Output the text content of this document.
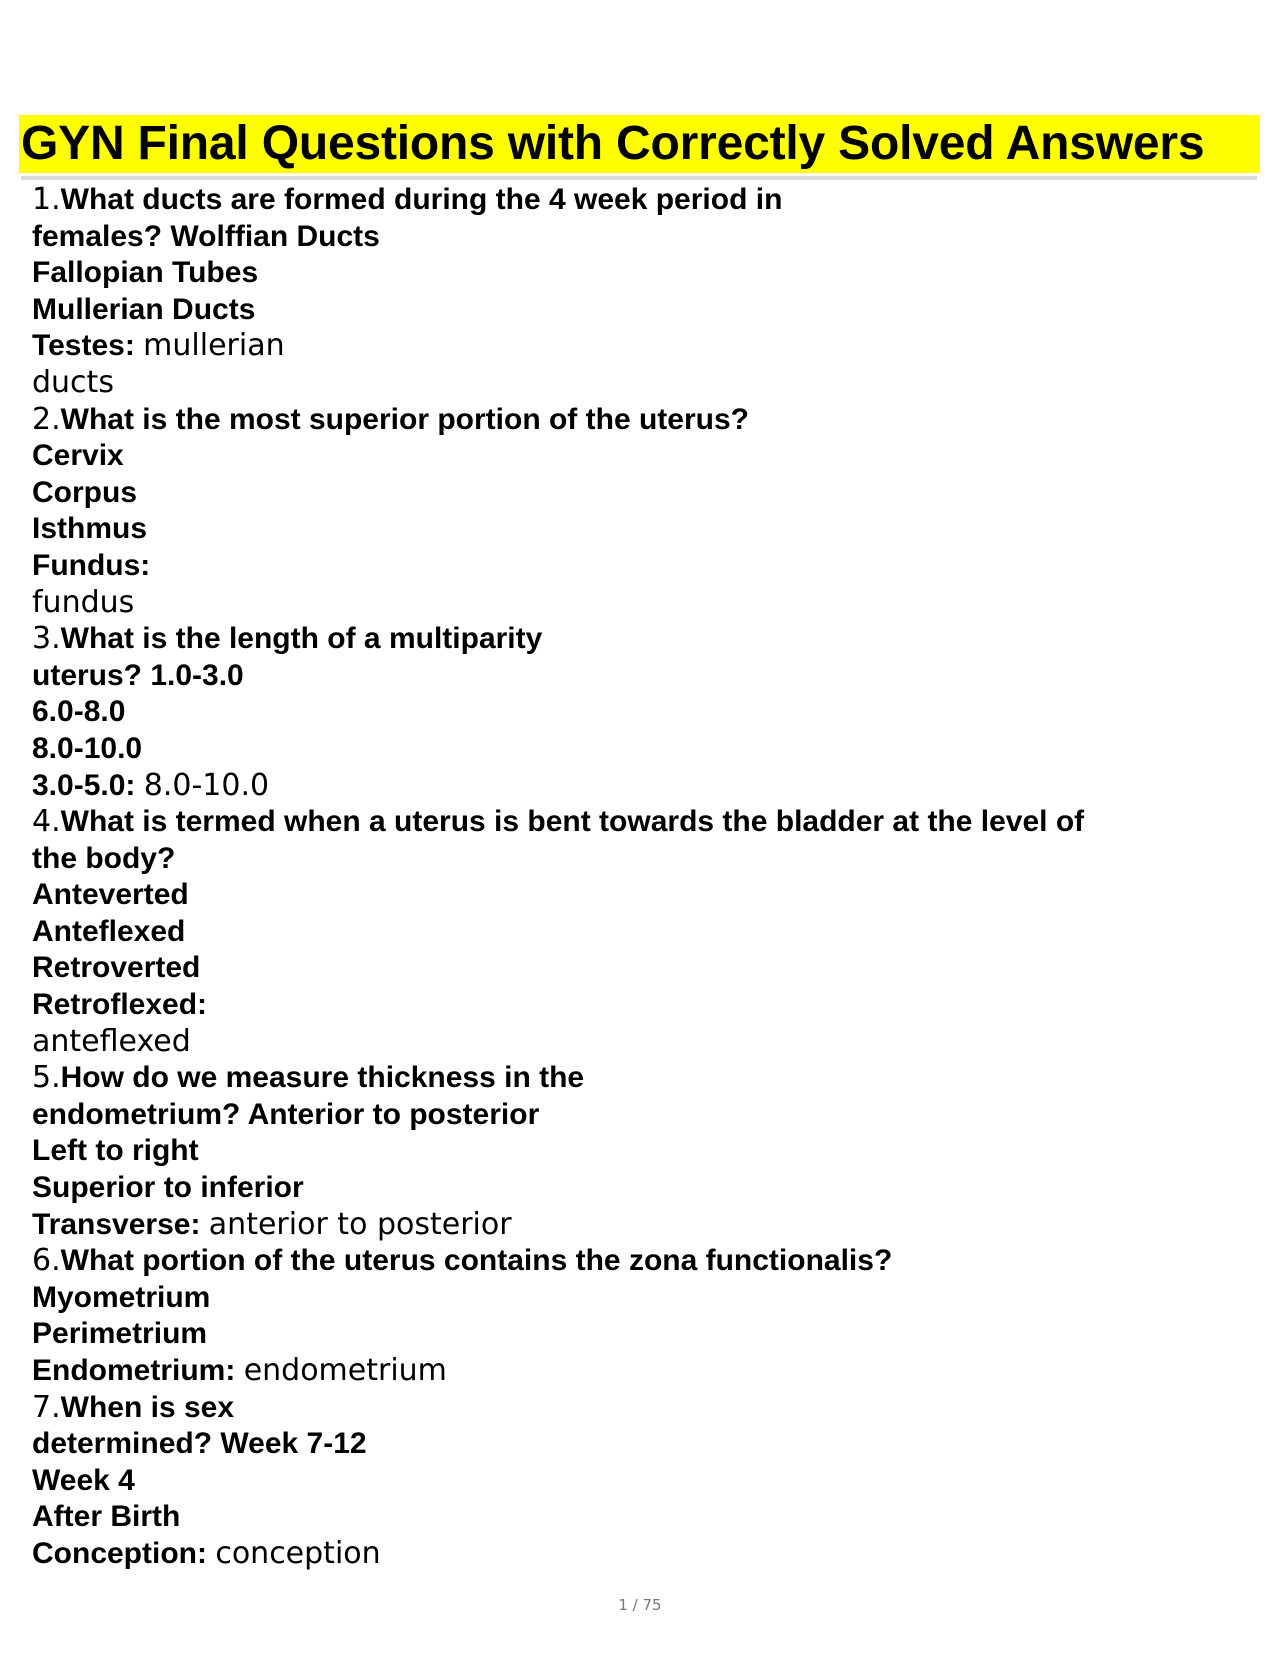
GYN Final Questions with Correctly Solved Answers
1.What ducts are formed during the 4 week period in
females? Wolffian Ducts
Fallopian Tubes
Mullerian Ducts
Testes: mullerian
ducts
2.What is the most superior portion of the uterus?
Cervix
Corpus
Isthmus
Fundus:
fundus
3.What is the length of a multiparity
uterus? 1.0-3.0
6.0-8.0
8.0-10.0
3.0-5.0: 8.0-10.0
4.What is termed when a uterus is bent towards the bladder at the level of
the body?
Anteverted
Anteflexed
Retroverted
Retroflexed:
anteflexed
5.How do we measure thickness in the
endometrium? Anterior to posterior
Left to right
Superior to inferior
Transverse: anterior to posterior
6.What portion of the uterus contains the zona functionalis?
Myometrium
Perimetrium
Endometrium: endometrium
7.When is sex
determined? Week 7-12
Week 4
After Birth
Conception: conception
1 / 75
